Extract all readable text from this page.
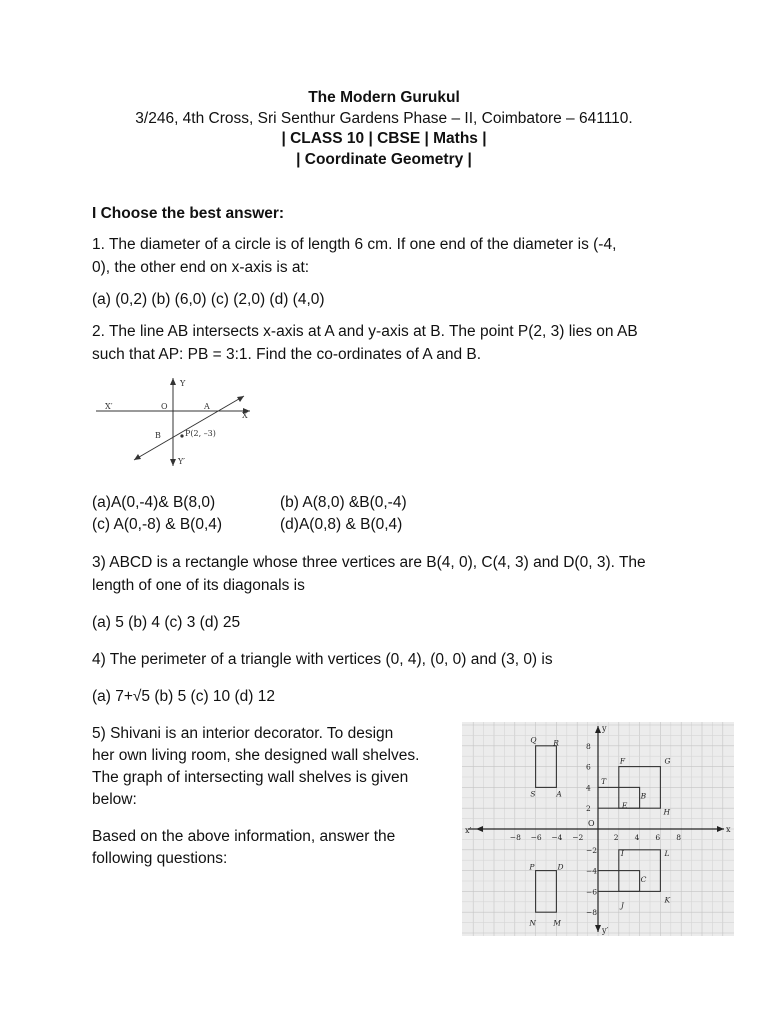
The Modern Gurukul
3/246, 4th Cross, Sri Senthur Gardens Phase – II, Coimbatore – 641110.
| CLASS 10 | CBSE | Maths |
| Coordinate Geometry |
I Choose the best answer:
1. The diameter of a circle is of length 6 cm. If one end of the diameter is (-4,
0), the other end on x-axis is at:
(a) (0,2) (b) (6,0) (c) (2,0) (d) (4,0)
2. The line AB intersects x-axis at A and y-axis at B. The point P(2, 3) lies on AB
such that AP: PB = 3:1. Find the co-ordinates of A and B.
Y
X′
X
O	A
B	P(2, –3)
Y′
(a)A(0,-4)& B(8,0)	(b) A(8,0) &B(0,-4)
(c) A(0,-8) & B(0,4)	(d)A(0,8) & B(0,4)
3) ABCD is a rectangle whose three vertices are B(4, 0), C(4, 3) and D(0, 3). The
length of one of its diagonals is
(a) 5 (b) 4 (c) 3 (d) 25
4) The perimeter of a triangle with vertices (0, 4), (0, 0) and (3, 0) is
(a) 7+√5 (b) 5 (c) 10 (d) 12
5) Shivani is an interior decorator. To design
her own living room, she designed wall shelves.
The graph of intersecting wall shelves is given
below:
Based on the above information, answer the
following questions:
−8 −6 −4 −2	2 4 6 8
8
6
4
2
−2
−4
−6
−8
Q R
F	G
T
S	A	B
E
H
I	L
P	D
C
J
K
N M
x
x′
y
y′
O
